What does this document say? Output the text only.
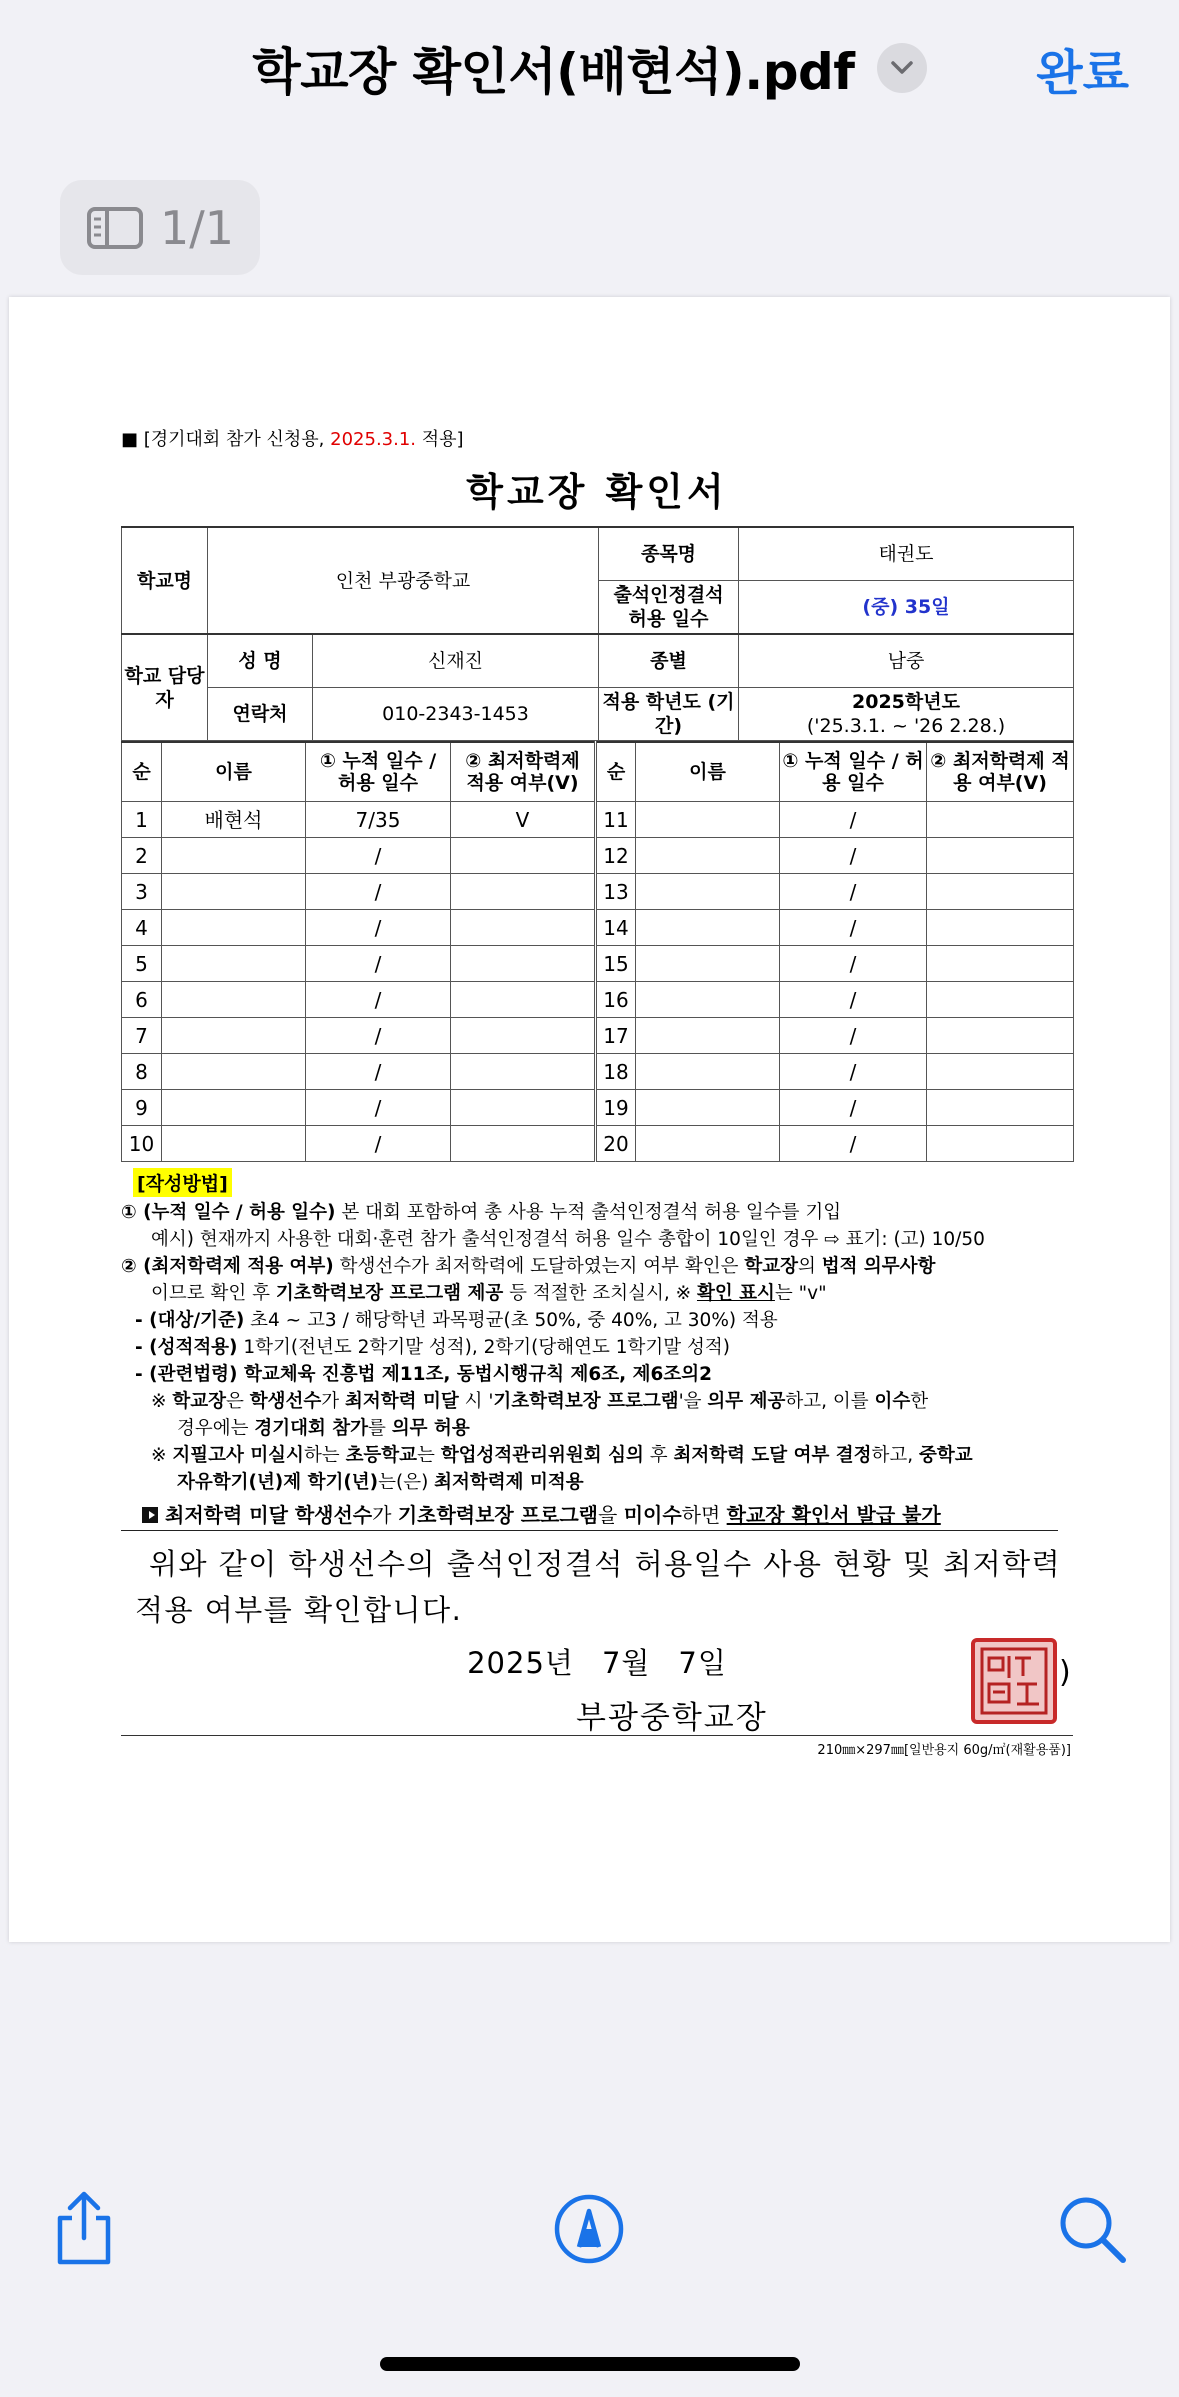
학교장 확인서(배현석).pdf	완료
1/1
■ [경기대회 참가 신청용, 2025.3.1. 적용]
학교장 확인서
학교명	인천 부광중학교		종목명	태권도
			출석인정결석 허용 일수	(중) 35일
학교 담당자	성 명	신재진	종별	남중
	연락처	010-2343-1453	적용 학년도 (기간)	2025학년도
('25.3.1. ~ '26 2.28.)
순	이름	① 누적 일수 / 허용 일수	② 최저학력제 적용 여부(V)	순	이름	① 누적 일수 / 허용 일수	② 최저학력제 적용 여부(V)
1	배현석	7/35	V	11		/	
2		/		12		/	
3		/		13		/	
4		/		14		/	
5		/		15		/	
6		/		16		/	
7		/		17		/	
8		/		18		/	
9		/		19		/	
10		/		20		/	
[작성방법]
① (누적 일수 / 허용 일수) 본 대회 포함하여 총 사용 누적 출석인정결석 허용 일수를 기입
예시) 현재까지 사용한 대회·훈련 참가 출석인정결석 허용 일수 총합이 10일인 경우 ⇨ 표기: (고) 10/50
② (최저학력제 적용 여부) 학생선수가 최저학력에 도달하였는지 여부 확인은 학교장의 법적 의무사항
이므로 확인 후 기초학력보장 프로그램 제공 등 적절한 조치실시, ※ 확인 표시는 "v"
- (대상/기준) 초4 ~ 고3 / 해당학년 과목평균(초 50%, 중 40%, 고 30%) 적용
- (성적적용) 1학기(전년도 2학기말 성적), 2학기(당해연도 1학기말 성적)
- (관련법령) 학교체육 진흥법 제11조, 동법시행규칙 제6조, 제6조의2
※ 학교장은 학생선수가 최저학력 미달 시 '기초학력보장 프로그램'을 의무 제공하고, 이를 이수한
경우에는 경기대회 참가를 의무 허용
※ 지필고사 미실시하는 초등학교는 학업성적관리위원회 심의 후 최저학력 도달 여부 결정하고, 중학교
자유학기(년)제 학기(년)는(은) 최저학력제 미적용
최저학력 미달 학생선수가 기초학력보장 프로그램을 미이수하면 학교장 확인서 발급 불가
위와 같이 학생선수의 출석인정결석 허용일수 사용 현황 및 최저학력
적용 여부를 확인합니다.
2025년 7월 7일
부광중학교장
)
210㎜×297㎜[일반용지 60g/㎡(재활용품)]
